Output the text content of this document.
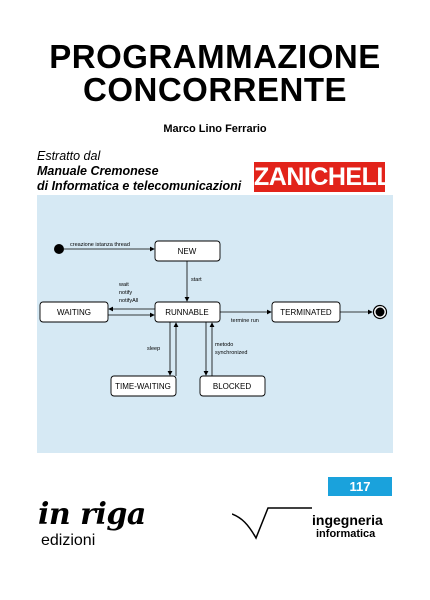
PROGRAMMAZIONE
CONCORRENTE
Marco Lino Ferrario
Estratto dal
Manuale Cremonese
di Informatica e telecomunicazioni ZANICHELLI
NEW
RUNNABLE
WAITING	TERMINATED
TIME-WAITING	BLOCKED
creazione istanza thread
start
wait
notify
notifyAll
termine run
sleep
metodo
synchronized
117
in riga
edizioni
ingegneria
informatica
